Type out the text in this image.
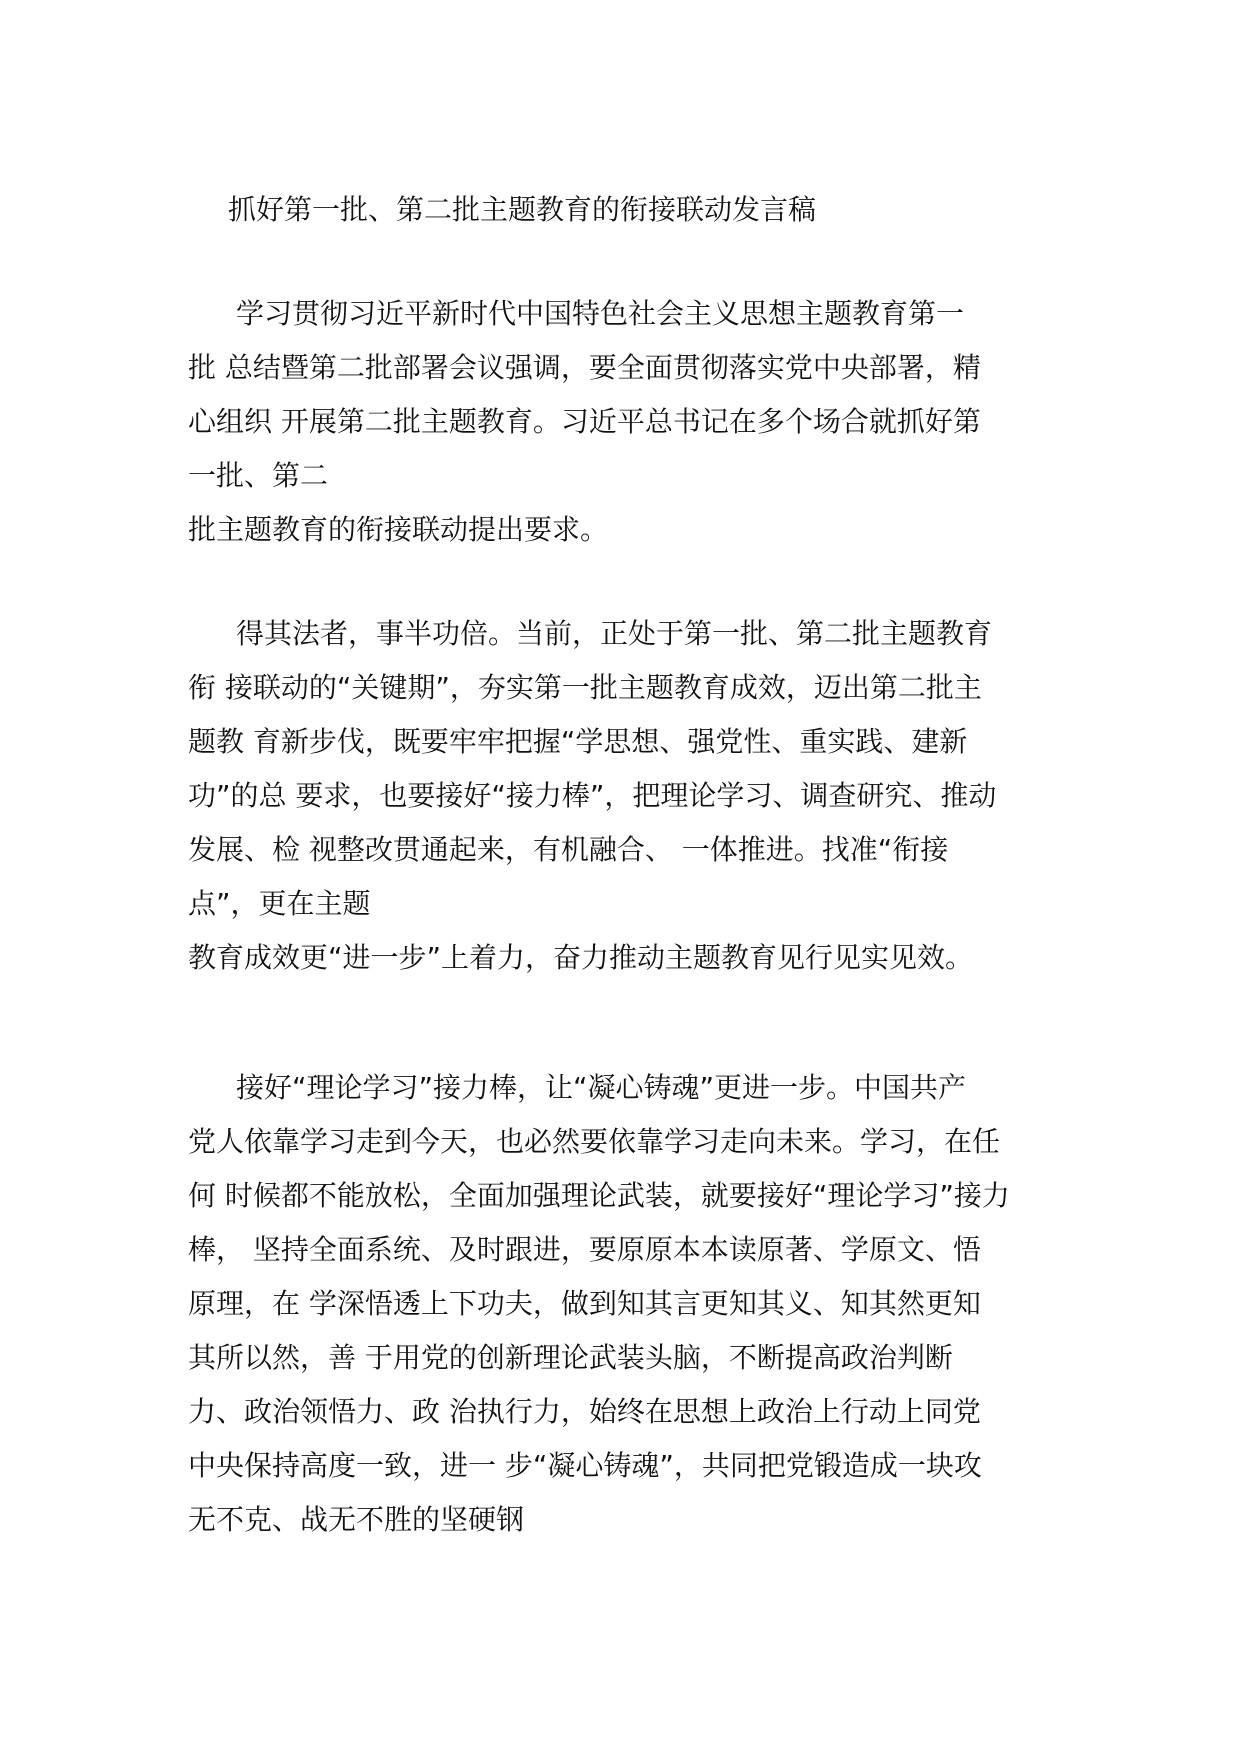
抓好第一批、第二批主题教育的衔接联动发言稿
学习贯彻习近平新时代中国特色社会主义思想主题教育第一
批 总结暨第二批部署会议强调，要全面贯彻落实党中央部署，精
心组织 开展第二批主题教育。习近平总书记在多个场合就抓好第
一批、第二
批主题教育的衔接联动提出要求。
得其法者，事半功倍。当前，正处于第一批、第二批主题教育
衔 接联动的“关键期”，夯实第一批主题教育成效，迈出第二批主
题教 育新步伐，既要牢牢把握“学思想、强党性、重实践、建新
功”的总 要求，也要接好“接力棒”，把理论学习、调查研究、推动
发展、检 视整改贯通起来，有机融合、 一体推进。找准“衔接
点”，更在主题
教育成效更“进一步”上着力，奋力推动主题教育见行见实见效。
接好“理论学习”接力棒，让“凝心铸魂”更进一步。中国共产
党人依靠学习走到今天，也必然要依靠学习走向未来。学习，在任
何 时候都不能放松，全面加强理论武装，就要接好“理论学习”接力
棒， 坚持全面系统、及时跟进，要原原本本读原著、学原文、悟
原理，在 学深悟透上下功夫，做到知其言更知其义、知其然更知
其所以然，善 于用党的创新理论武装头脑，不断提高政治判断
力、政治领悟力、政 治执行力，始终在思想上政治上行动上同党
中央保持高度一致，进一 步“凝心铸魂”，共同把党锻造成一块攻
无不克、战无不胜的坚硬钢
